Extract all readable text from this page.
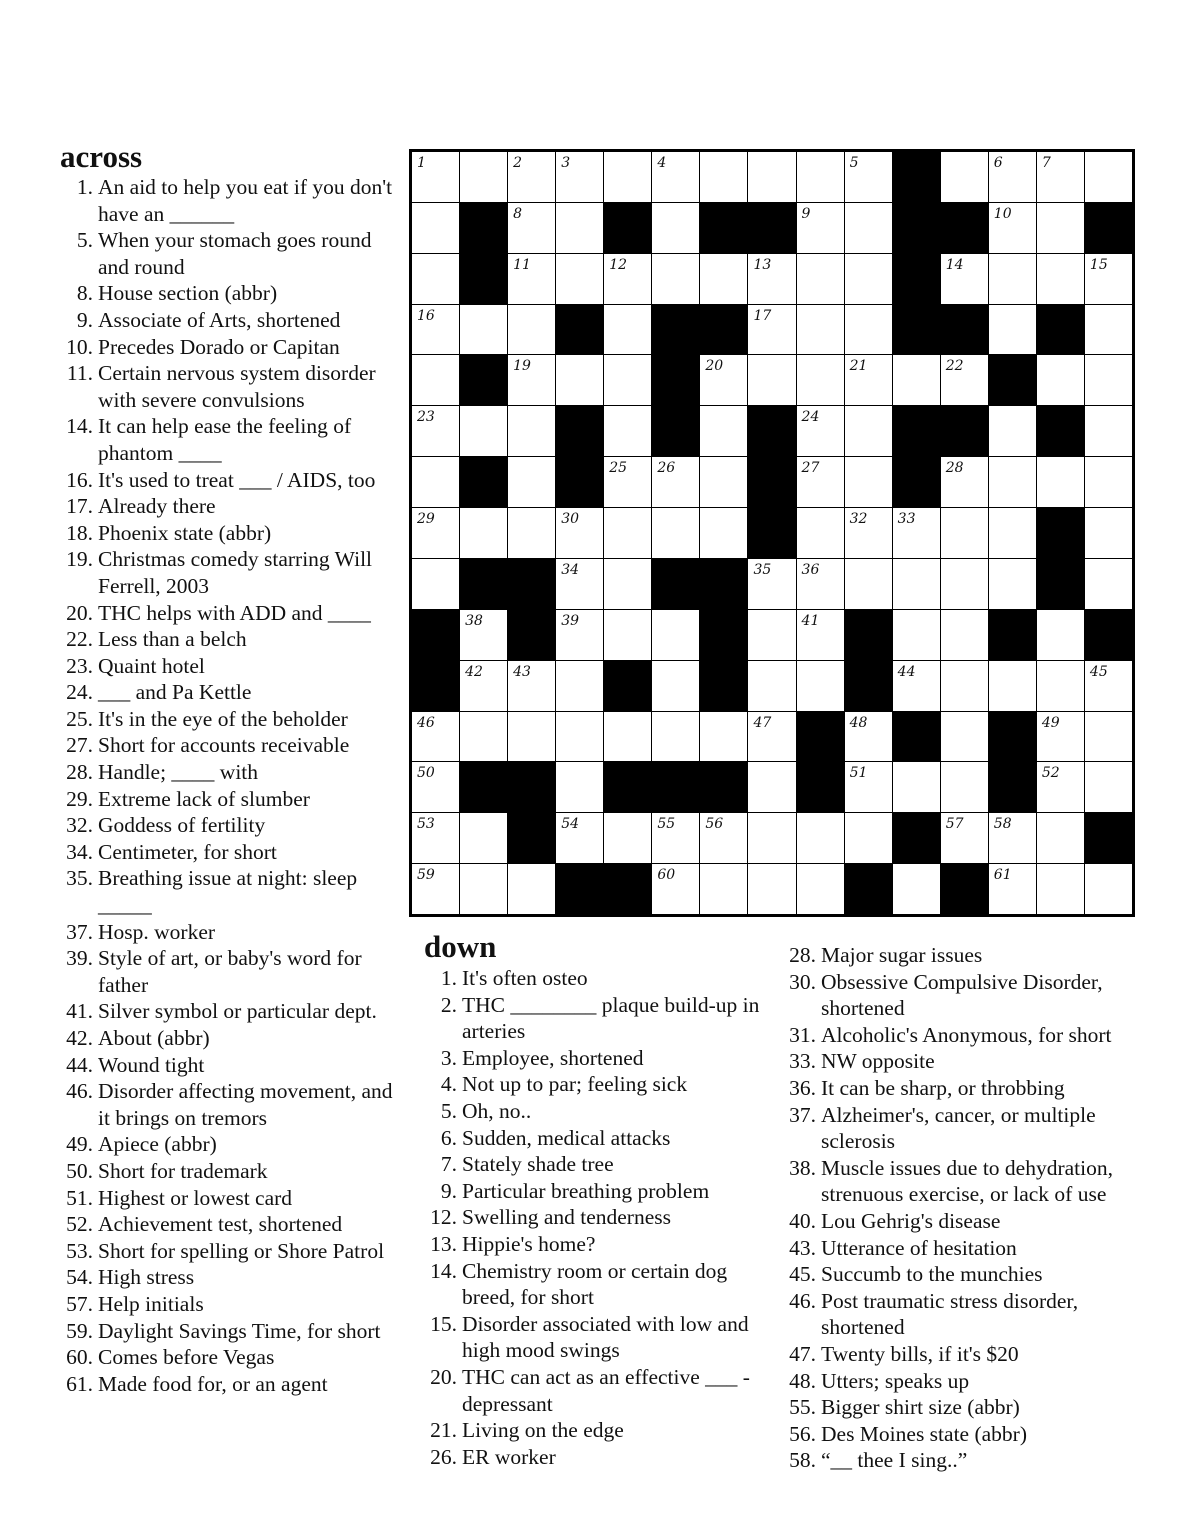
across
1. An aid to help you eat if you don't have an ______
5. When your stomach goes round and round
8. House section (abbr)
9. Associate of Arts, shortened
10. Precedes Dorado or Capitan
11. Certain nervous system disorder with severe convulsions
14. It can help ease the feeling of phantom ____
16. It's used to treat ___ / AIDS, too
17. Already there
18. Phoenix state (abbr)
19. Christmas comedy starring Will Ferrell, 2003
20. THC helps with ADD and ____
22. Less than a belch
23. Quaint hotel
24. ___ and Pa Kettle
25. It's in the eye of the beholder
27. Short for accounts receivable
28. Handle; ____ with
29. Extreme lack of slumber
32. Goddess of fertility
34. Centimeter, for short
35. Breathing issue at night: sleep _____
37. Hosp. worker
39. Style of art, or baby's word for father
41. Silver symbol or particular dept.
42. About (abbr)
44. Wound tight
46. Disorder affecting movement, and it brings on tremors
49. Apiece (abbr)
50. Short for trademark
51. Highest or lowest card
52. Achievement test, shortened
53. Short for spelling or Shore Patrol
54. High stress
57. Help initials
59. Daylight Savings Time, for short
60. Comes before Vegas
61. Made food for, or an agent
1	2	3	4	5	6	7
8	9	10
11	12	13	14	15
16	17
19	20	21	22
23	24
25 26	27	28
29	30	32 33
34	35 36
38	39	41
42 43	44	45
46	47	48	49
50	51	52
53	54	55 56	57 58
59	60	61
down
1. It's often osteo
2. THC ________ plaque build-up in arteries
3. Employee, shortened
4. Not up to par; feeling sick
5. Oh, no..
6. Sudden, medical attacks
7. Stately shade tree
9. Particular breathing problem
12. Swelling and tenderness
13. Hippie's home?
14. Chemistry room or certain dog breed, for short
15. Disorder associated with low and high mood swings
20. THC can act as an effective ___ - depressant
21. Living on the edge
26. ER worker
28. Major sugar issues
30. Obsessive Compulsive Disorder, shortened
31. Alcoholic's Anonymous, for short
33. NW opposite
36. It can be sharp, or throbbing
37. Alzheimer's, cancer, or multiple sclerosis
38. Muscle issues due to dehydration, strenuous exercise, or lack of use
40. Lou Gehrig's disease
43. Utterance of hesitation
45. Succumb to the munchies
46. Post traumatic stress disorder, shortened
47. Twenty bills, if it's $20
48. Utters; speaks up
55. Bigger shirt size (abbr)
56. Des Moines state (abbr)
58. “__ thee I sing..”
